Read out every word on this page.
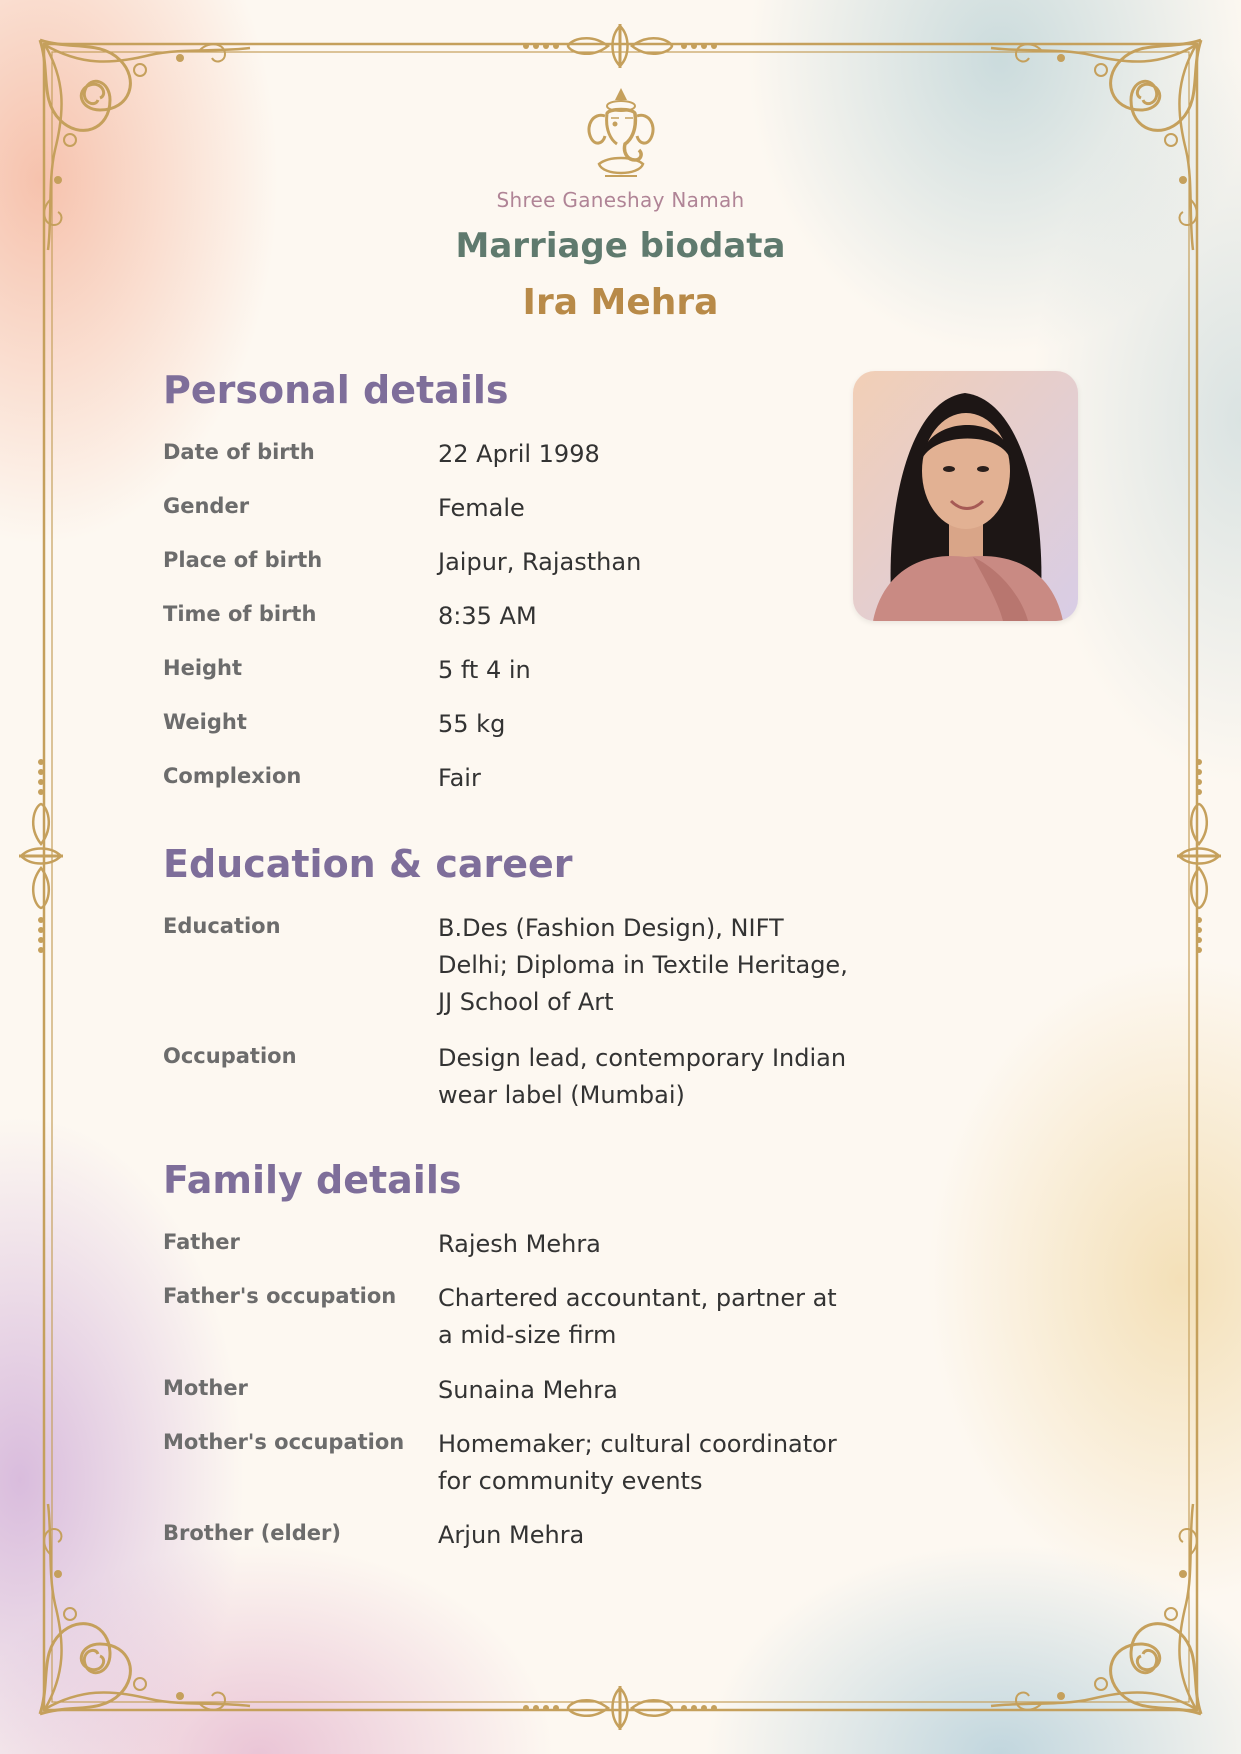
Shree Ganeshay Namah
Marriage biodata
Ira Mehra
Personal details
Date of birth	22 April 1998
Gender	Female
Place of birth	Jaipur, Rajasthan
Time of birth	8:35 AM
Height	5 ft 4 in
Weight	55 kg
Complexion	Fair
Education & career
Education	B.Des (Fashion Design), NIFT Delhi; Diploma in Textile Heritage, JJ School of Art
Occupation	Design lead, contemporary Indian wear label (Mumbai)
Family details
Father	Rajesh Mehra
Father's occupation	Chartered accountant, partner at a mid-size firm
Mother	Sunaina Mehra
Mother's occupation	Homemaker; cultural coordinator for community events
Brother (elder)	Arjun Mehra
